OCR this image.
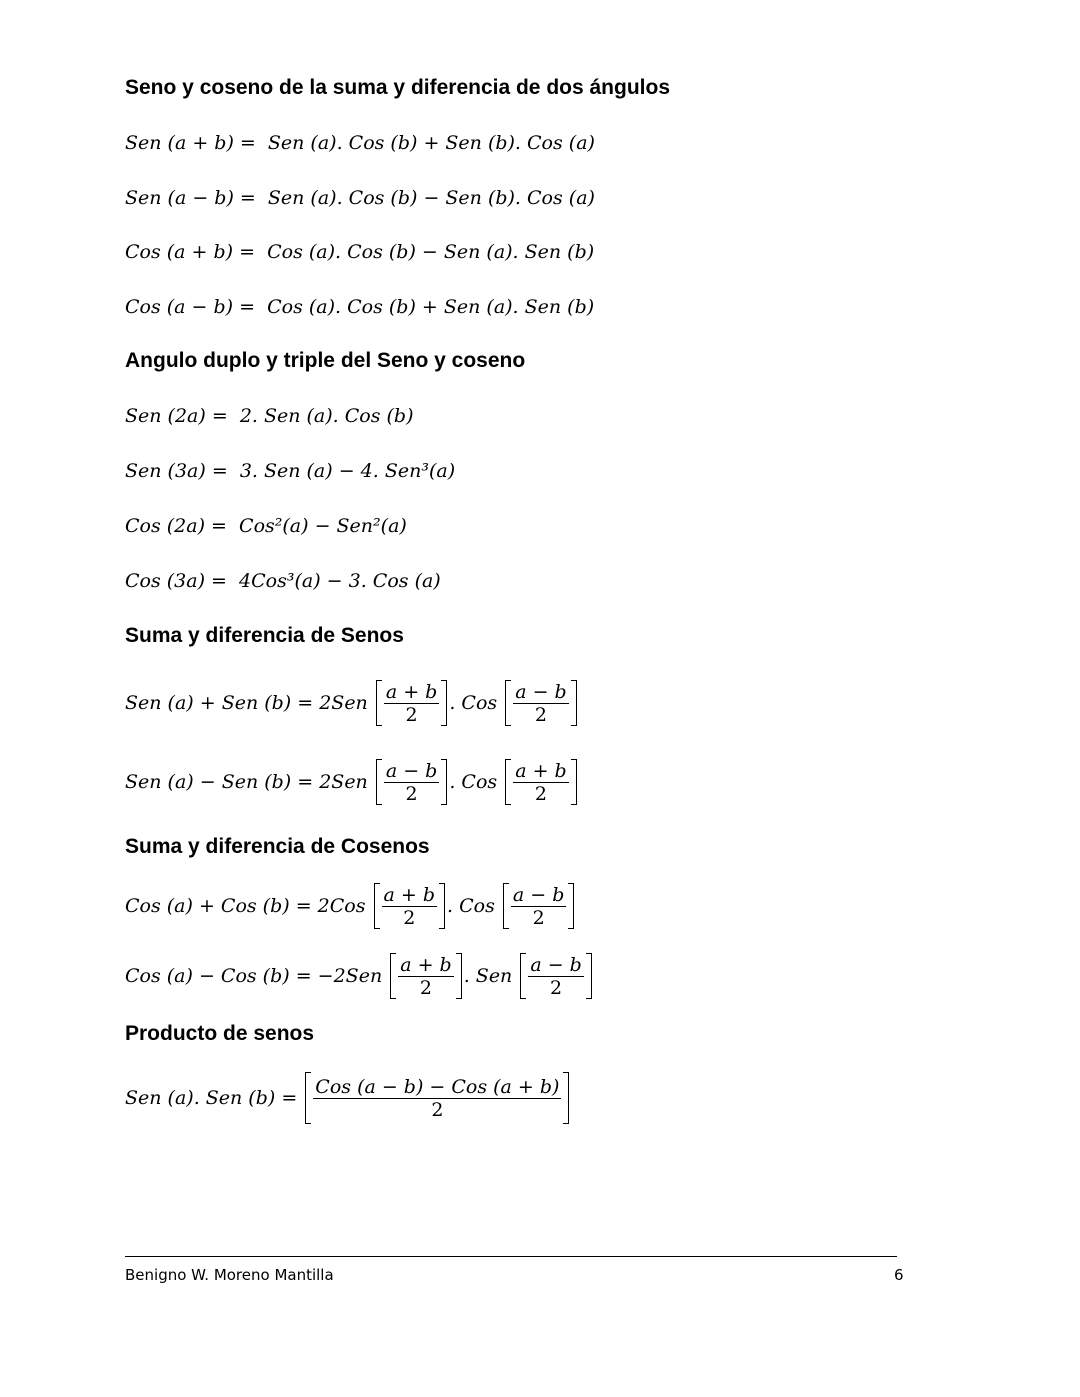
Seno y coseno de la suma y diferencia de dos ángulos
Sen (a + b) =  Sen (a). Cos (b) + Sen (b). Cos (a)
Sen (a − b) =  Sen (a). Cos (b) − Sen (b). Cos (a)
Cos (a + b) =  Cos (a). Cos (b) − Sen (a). Sen (b)
Cos (a − b) =  Cos (a). Cos (b) + Sen (a). Sen (b)
Angulo duplo y triple del Seno y coseno
Sen (2a) =  2. Sen (a). Cos (b)
Sen (3a) =  3. Sen (a) − 4. Sen³(a)
Cos (2a) =  Cos²(a) − Sen²(a)
Cos (3a) =  4Cos³(a) − 3. Cos (a)
Suma y diferencia de Senos
Sen (a) + Sen $(b) = 2Sen \frac{a + b}{2}$ . Cos $\frac{a - b}{2}$
Sen (a) − Sen $(b) = 2Sen \frac{a - b}{2}$ . Cos $\frac{a + b}{2}$
Suma y diferencia de Cosenos
Cos (a) + Cos $(b) = 2Cos \frac{a + b}{2}$ . Cos $\frac{a - b}{2}$
Cos (a) − Cos $(b) = -2Sen \frac{a + b}{2}$ . Sen $\frac{a - b}{2}$
Producto de senos
Sen (a). Sen $(b) = \frac{\text{Cos (a − b) − Cos (a + b)}}{2}$
Benigno W. Moreno Mantilla	6
